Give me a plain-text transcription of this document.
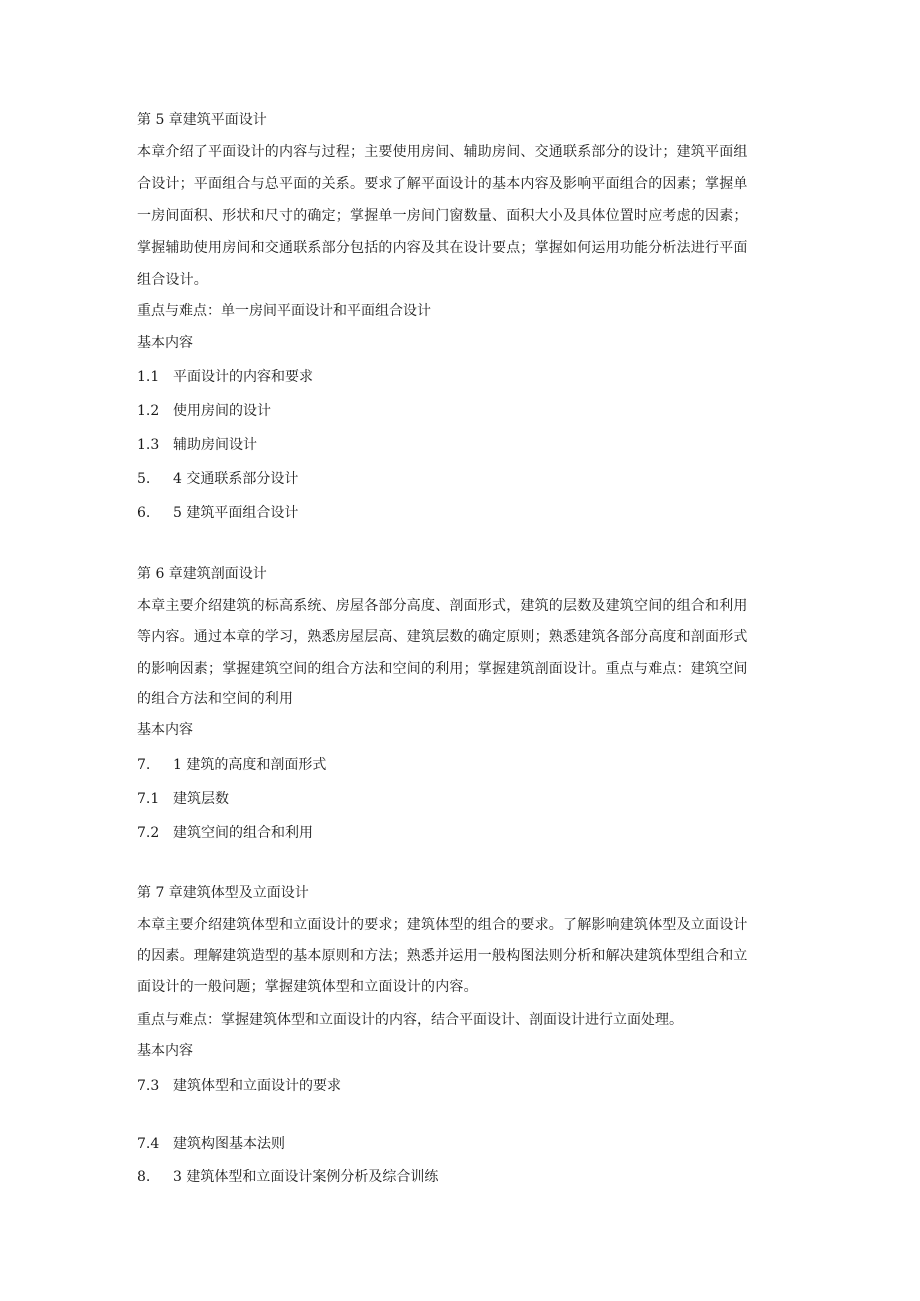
第 5 章建筑平面设计
本章介绍了平面设计的内容与过程；主要使用房间、辅助房间、交通联系部分的设计；建筑平面组
合设计；平面组合与总平面的关系。要求了解平面设计的基本内容及影响平面组合的因素；掌握单
一房间面积、形状和尺寸的确定；掌握单一房间门窗数量、面积大小及具体位置时应考虑的因素；
掌握辅助使用房间和交通联系部分包括的内容及其在设计要点；掌握如何运用功能分析法进行平面
组合设计。
重点与难点：单一房间平面设计和平面组合设计
基本内容
1.1 平面设计的内容和要求
1.2 使用房间的设计
1.3 辅助房间设计
5. 4 交通联系部分设计
6. 5 建筑平面组合设计
第 6 章建筑剖面设计
本章主要介绍建筑的标高系统、房屋各部分高度、剖面形式，建筑的层数及建筑空间的组合和利用
等内容。通过本章的学习，熟悉房屋层高、建筑层数的确定原则；熟悉建筑各部分高度和剖面形式
的影响因素；掌握建筑空间的组合方法和空间的利用；掌握建筑剖面设计。重点与难点：建筑空间
的组合方法和空间的利用
基本内容
7. 1 建筑的高度和剖面形式
7.1 建筑层数
7.2 建筑空间的组合和利用
第 7 章建筑体型及立面设计
本章主要介绍建筑体型和立面设计的要求；建筑体型的组合的要求。了解影响建筑体型及立面设计
的因素。理解建筑造型的基本原则和方法；熟悉并运用一般构图法则分析和解决建筑体型组合和立
面设计的一般问题；掌握建筑体型和立面设计的内容。
重点与难点：掌握建筑体型和立面设计的内容，结合平面设计、剖面设计进行立面处理。
基本内容
7.3 建筑体型和立面设计的要求
7.4 建筑构图基本法则
8. 3 建筑体型和立面设计案例分析及综合训练
